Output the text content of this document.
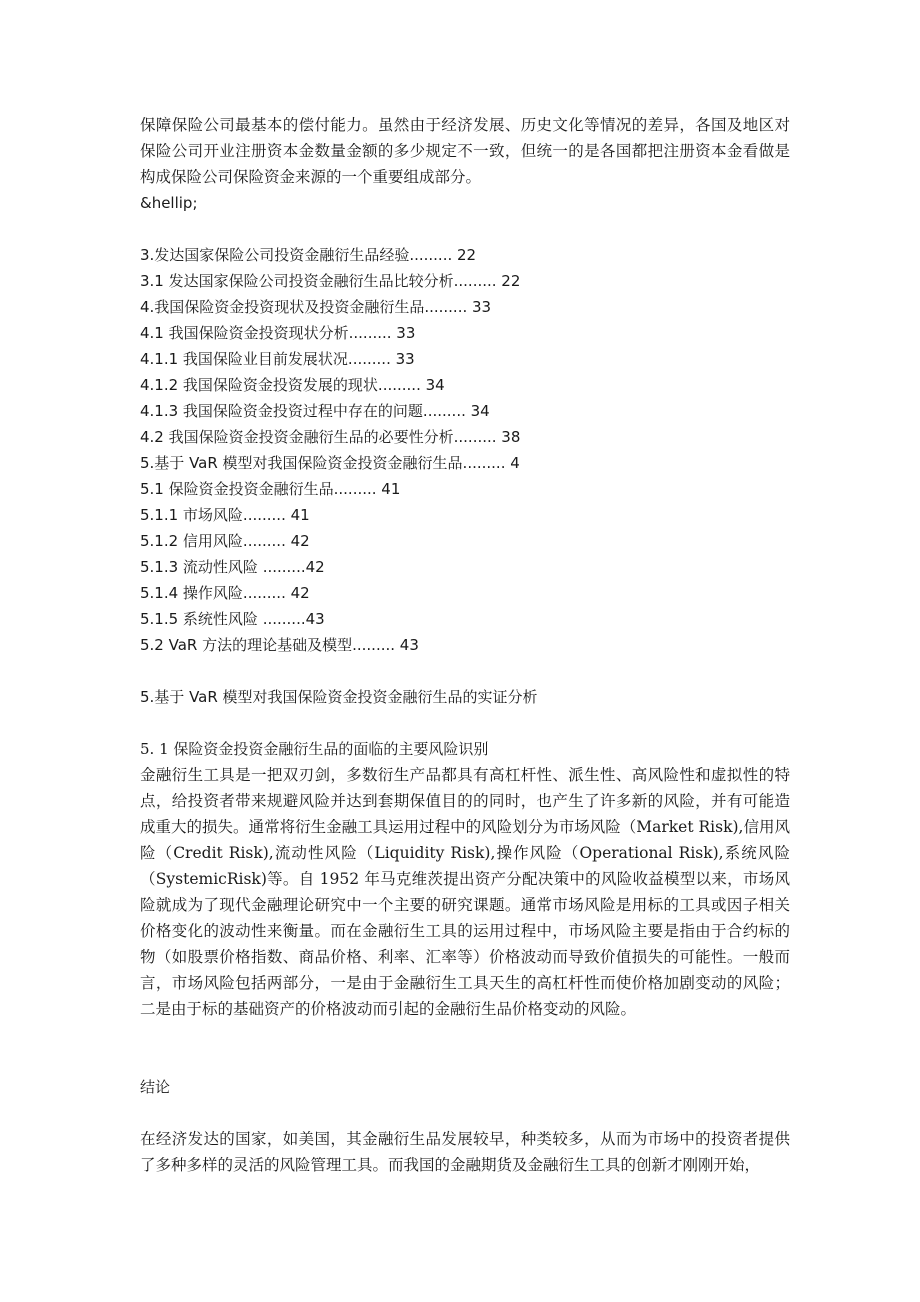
保障保险公司最基本的偿付能力。虽然由于经济发展、历史文化等情况的差异，各国及地区对保险公司开业注册资本金数量金额的多少规定不一致，但统一的是各国都把注册资本金看做是构成保险公司保险资金来源的一个重要组成部分。

&hellip;

3.发达国家保险公司投资金融衍生品经验......... 22

3.1 发达国家保险公司投资金融衍生品比较分析......... 22

4.我国保险资金投资现状及投资金融衍生品......... 33

4.1 我国保险资金投资现状分析......... 33

4.1.1 我国保险业目前发展状况......... 33

4.1.2 我国保险资金投资发展的现状......... 34

4.1.3 我国保险资金投资过程中存在的问题......... 34

4.2 我国保险资金投资金融衍生品的必要性分析......... 38

5.基于 VaR 模型对我国保险资金投资金融衍生品......... 4

5.1 保险资金投资金融衍生品......... 41

5.1.1 市场风险......... 41

5.1.2 信用风险......... 42

5.1.3 流动性风险 .........42

5.1.4 操作风险......... 42

5.1.5 系统性风险 .........43

5.2 VaR 方法的理论基础及模型......... 43

5.基于 VaR 模型对我国保险资金投资金融衍生品的实证分析

5. 1 保险资金投资金融衍生品的面临的主要风险识别

金融衍生工具是一把双刃剑，多数衍生产品都具有高杠杆性、派生性、高风险性和虚拟性的特点，给投资者带来规避风险并达到套期保值目的的同时，也产生了许多新的风险，并有可能造成重大的损失。通常将衍生金融工具运用过程中的风险划分为市场风险（Market Risk),信用风险（Credit Risk),流动性风险（Liquidity Risk),操作风险（Operational Risk),系统风险（SystemicRisk)等。自 1952 年马克维茨提出资产分配决策中的风险收益模型以来，市场风险就成为了现代金融理论研究中一个主要的研究课题。通常市场风险是用标的工具或因子相关价格变化的波动性来衡量。而在金融衍生工具的运用过程中，市场风险主要是指由于合约标的物（如股票价格指数、商品价格、利率、汇率等）价格波动而导致价值损失的可能性。一般而言，市场风险包括两部分，一是由于金融衍生工具天生的高杠杆性而使价格加剧变动的风险；二是由于标的基础资产的价格波动而引起的金融衍生品价格变动的风险。

结论

在经济发达的国家，如美国，其金融衍生品发展较早，种类较多，从而为市场中的投资者提供了多种多样的灵活的风险管理工具。而我国的金融期货及金融衍生工具的创新才刚刚开始，
